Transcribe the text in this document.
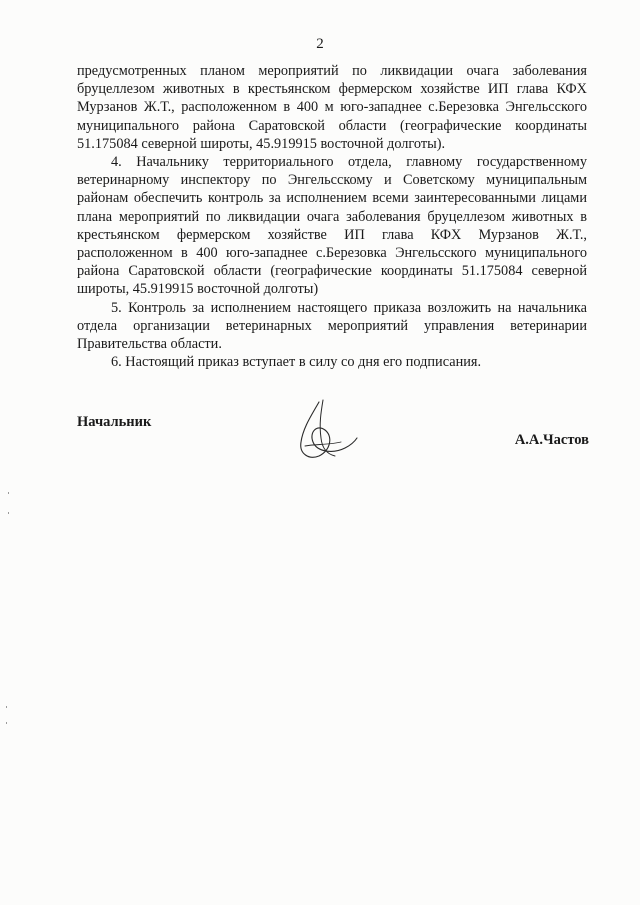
2

предусмотренных планом мероприятий по ликвидации очага заболевания бруцеллезом животных в крестьянском фермерском хозяйстве ИП глава КФХ Мурзанов Ж.Т., расположенном в 400 м юго-западнее с.Березовка Энгельсского муниципального района Саратовской области (географические координаты 51.175084 северной широты, 45.919915 восточной долготы).

4. Начальнику территориального отдела, главному государственному ветеринарному инспектору по Энгельсскому и Советскому муниципальным районам обеспечить контроль за исполнением всеми заинтересованными лицами плана мероприятий по ликвидации очага заболевания бруцеллезом животных в крестьянском фермерском хозяйстве ИП глава КФХ Мурзанов Ж.Т., расположенном в 400 юго-западнее с.Березовка Энгельсского муниципального района Саратовской области (географические координаты 51.175084 северной широты, 45.919915 восточной долготы)

5. Контроль за исполнением настоящего приказа возложить на начальника отдела организации ветеринарных мероприятий управления ветеринарии Правительства области.

6. Настоящий приказ вступает в силу со дня его подписания.

Начальник
А.А.Частов
